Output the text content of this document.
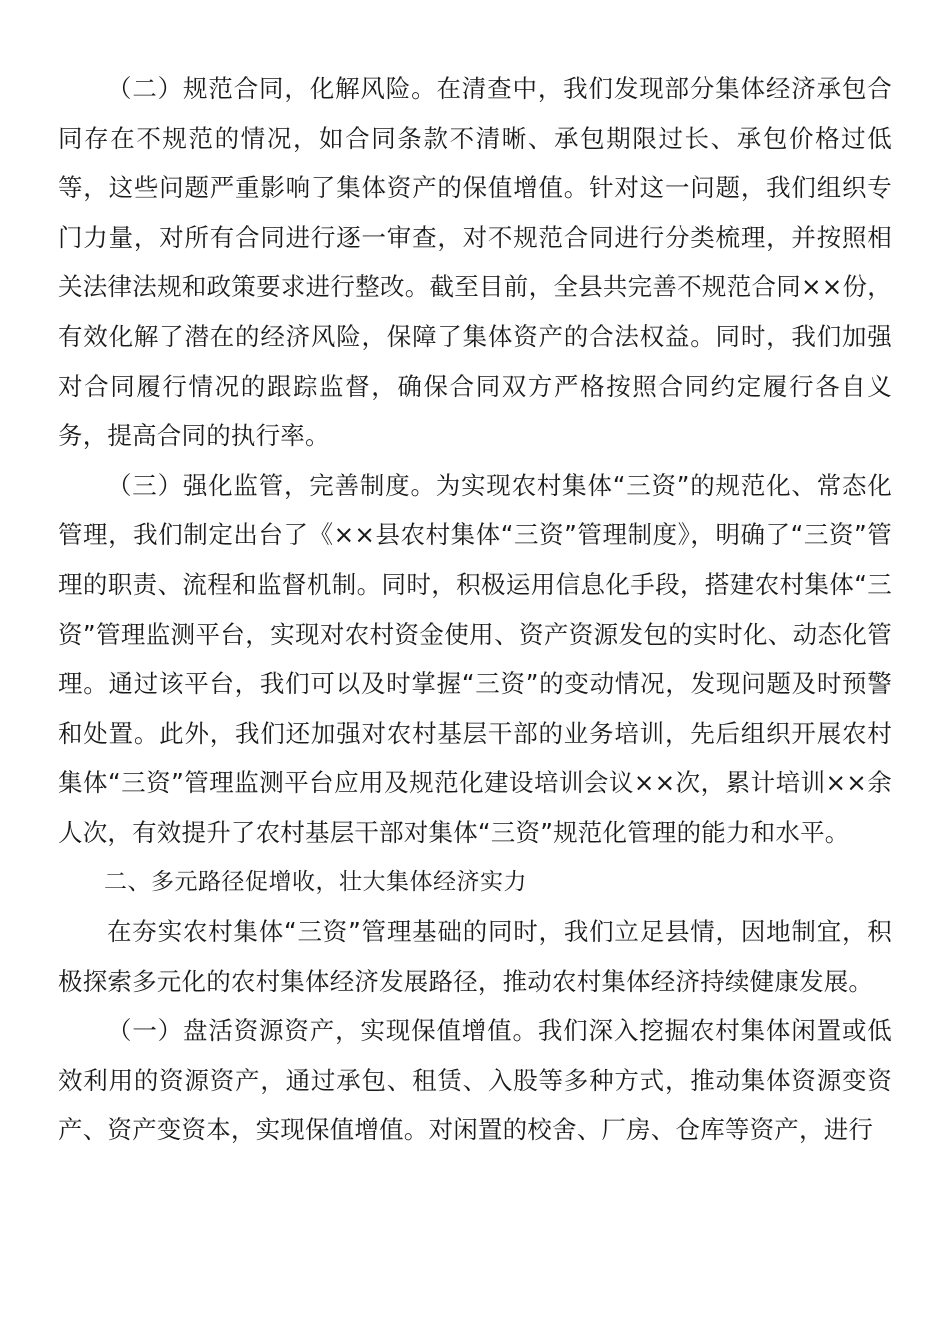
（二）规范合同，化解风险。在清查中，我们发现部分集体经济承包合同存在不规范的情况，如合同条款不清晰、承包期限过长、承包价格过低等，这些问题严重影响了集体资产的保值增值。针对这一问题，我们组织专门力量，对所有合同进行逐一审查，对不规范合同进行分类梳理，并按照相关法律法规和政策要求进行整改。截至目前，全县共完善不规范合同××份，有效化解了潜在的经济风险，保障了集体资产的合法权益。同时，我们加强对合同履行情况的跟踪监督，确保合同双方严格按照合同约定履行各自义务，提高合同的执行率。

（三）强化监管，完善制度。为实现农村集体“三资”的规范化、常态化管理，我们制定出台了《××县农村集体“三资”管理制度》，明确了“三资”管理的职责、流程和监督机制。同时，积极运用信息化手段，搭建农村集体“三资”管理监测平台，实现对农村资金使用、资产资源发包的实时化、动态化管理。通过该平台，我们可以及时掌握“三资”的变动情况，发现问题及时预警和处置。此外，我们还加强对农村基层干部的业务培训，先后组织开展农村集体“三资”管理监测平台应用及规范化建设培训会议××次，累计培训××余人次，有效提升了农村基层干部对集体“三资”规范化管理的能力和水平。

二、多元路径促增收，壮大集体经济实力

在夯实农村集体“三资”管理基础的同时，我们立足县情，因地制宜，积极探索多元化的农村集体经济发展路径，推动农村集体经济持续健康发展。

（一）盘活资源资产，实现保值增值。我们深入挖掘农村集体闲置或低效利用的资源资产，通过承包、租赁、入股等多种方式，推动集体资源变资产、资产变资本，实现保值增值。对闲置的校舍、厂房、仓库等资产，进行
